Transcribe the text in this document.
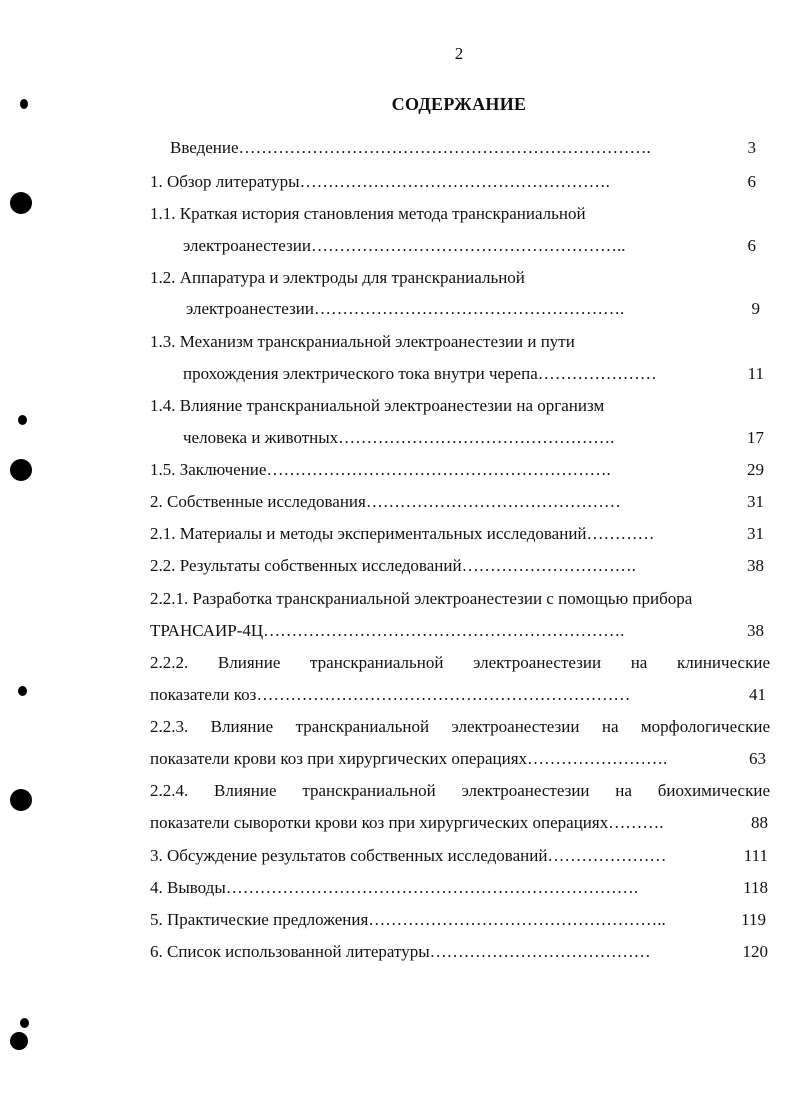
2
СОДЕРЖАНИЕ
Введение……………………………………………………………….	3
1. Обзор литературы……………………………………………….	6
1.1. Краткая история становления метода транскраниальной
электроанестезии………………………………………………..	6
1.2. Аппаратура и электроды для транскраниальной
электроанестезии……………………………………………….	9
1.3. Механизм транскраниальной электроанестезии и пути
прохождения электрического тока внутри черепа…………………	11
1.4. Влияние транскраниальной электроанестезии на организм
человека и животных………………………………………….	17
1.5. Заключение…………………………………………………….	29
2. Собственные исследования………………………………………	31
2.1. Материалы и методы экспериментальных исследований…………	31
2.2. Результаты собственных исследований………………………….	38
2.2.1. Разработка транскраниальной электроанестезии с помощью прибора
ТРАНСАИР-4Ц……………………………………………………….	38
2.2.2. Влияние транскраниальной электроанестезии на клинические
показатели коз…………………………………………………………	41
2.2.3. Влияние транскраниальной электроанестезии на морфологические
показатели крови коз при хирургических операциях…………………….	63
2.2.4. Влияние транскраниальной электроанестезии на биохимические
показатели сыворотки крови коз при хирургических операциях……….	88
3. Обсуждение результатов собственных исследований…………………	111
4. Выводы……………………………………………………………….	118
5. Практические предложения……………………………………………..	119
6. Список использованной литературы…………………………………	120
